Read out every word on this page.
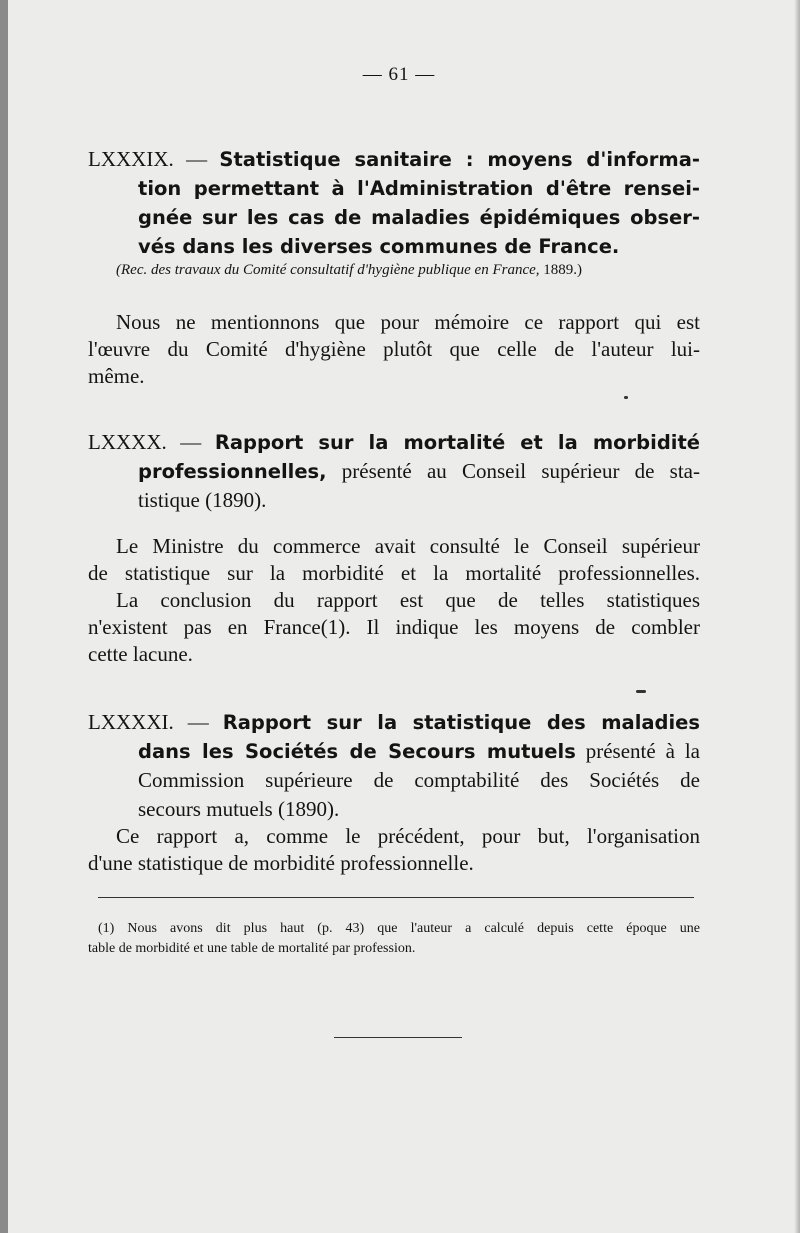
— 61 —
LXXXIX. — Statistique sanitaire : moyens d'informa-
tion permettant à l'Administration d'être rensei-
gnée sur les cas de maladies épidémiques obser-
vés dans les diverses communes de France.
(Rec. des travaux du Comité consultatif d'hygiène publique en France, 1889.)
Nous ne mentionnons que pour mémoire ce rapport qui est
l'œuvre du Comité d'hygiène plutôt que celle de l'auteur lui-
même.
LXXXX. — Rapport sur la mortalité et la morbidité
professionnelles, présenté au Conseil supérieur de sta-
tistique (1890).
Le Ministre du commerce avait consulté le Conseil supérieur
de statistique sur la morbidité et la mortalité professionnelles.
La conclusion du rapport est que de telles statistiques
n'existent pas en France(1). Il indique les moyens de combler
cette lacune.
LXXXXI. — Rapport sur la statistique des maladies
dans les Sociétés de Secours mutuels présenté à la
Commission supérieure de comptabilité des Sociétés de
secours mutuels (1890).
Ce rapport a, comme le précédent, pour but, l'organisation
d'une statistique de morbidité professionnelle.
(1) Nous avons dit plus haut (p. 43) que l'auteur a calculé depuis cette époque une
table de morbidité et une table de mortalité par profession.
